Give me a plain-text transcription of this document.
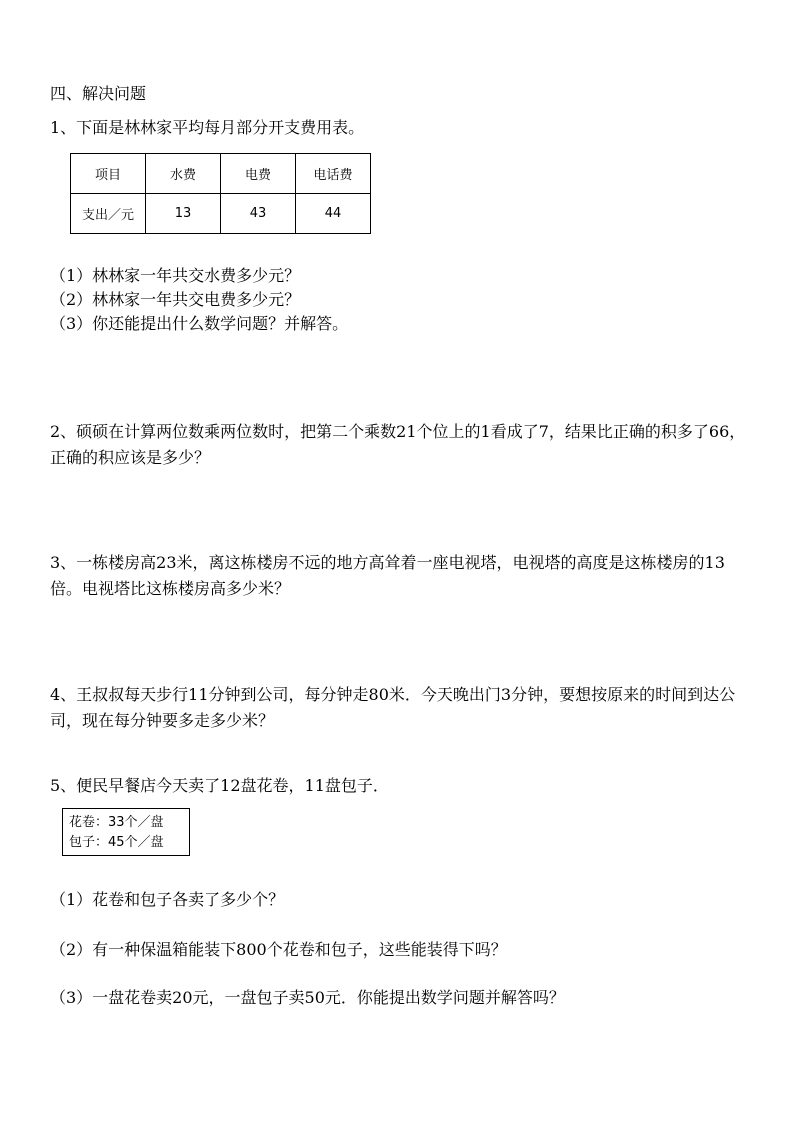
四、解决问题
1、下面是林林家平均每月部分开支费用表。
项目	水费	电费	电话费
支出／元	13	43	44
（1）林林家一年共交水费多少元？
（2）林林家一年共交电费多少元？
（3）你还能提出什么数学问题？并解答。
2、硕硕在计算两位数乘两位数时，把第二个乘数21个位上的1看成了7，结果比正确的积多了66，正确的积应该是多少？
3、一栋楼房高23米，离这栋楼房不远的地方高耸着一座电视塔，电视塔的高度是这栋楼房的13倍。电视塔比这栋楼房高多少米？
4、王叔叔每天步行11分钟到公司，每分钟走80米．今天晚出门3分钟，要想按原来的时间到达公司，现在每分钟要多走多少米？
5、便民早餐店今天卖了12盘花卷，11盘包子．
花卷：33个／盘
包子：45个／盘
（1）花卷和包子各卖了多少个？
（2）有一种保温箱能装下800个花卷和包子，这些能装得下吗？
（3）一盘花卷卖20元，一盘包子卖50元．你能提出数学问题并解答吗？
